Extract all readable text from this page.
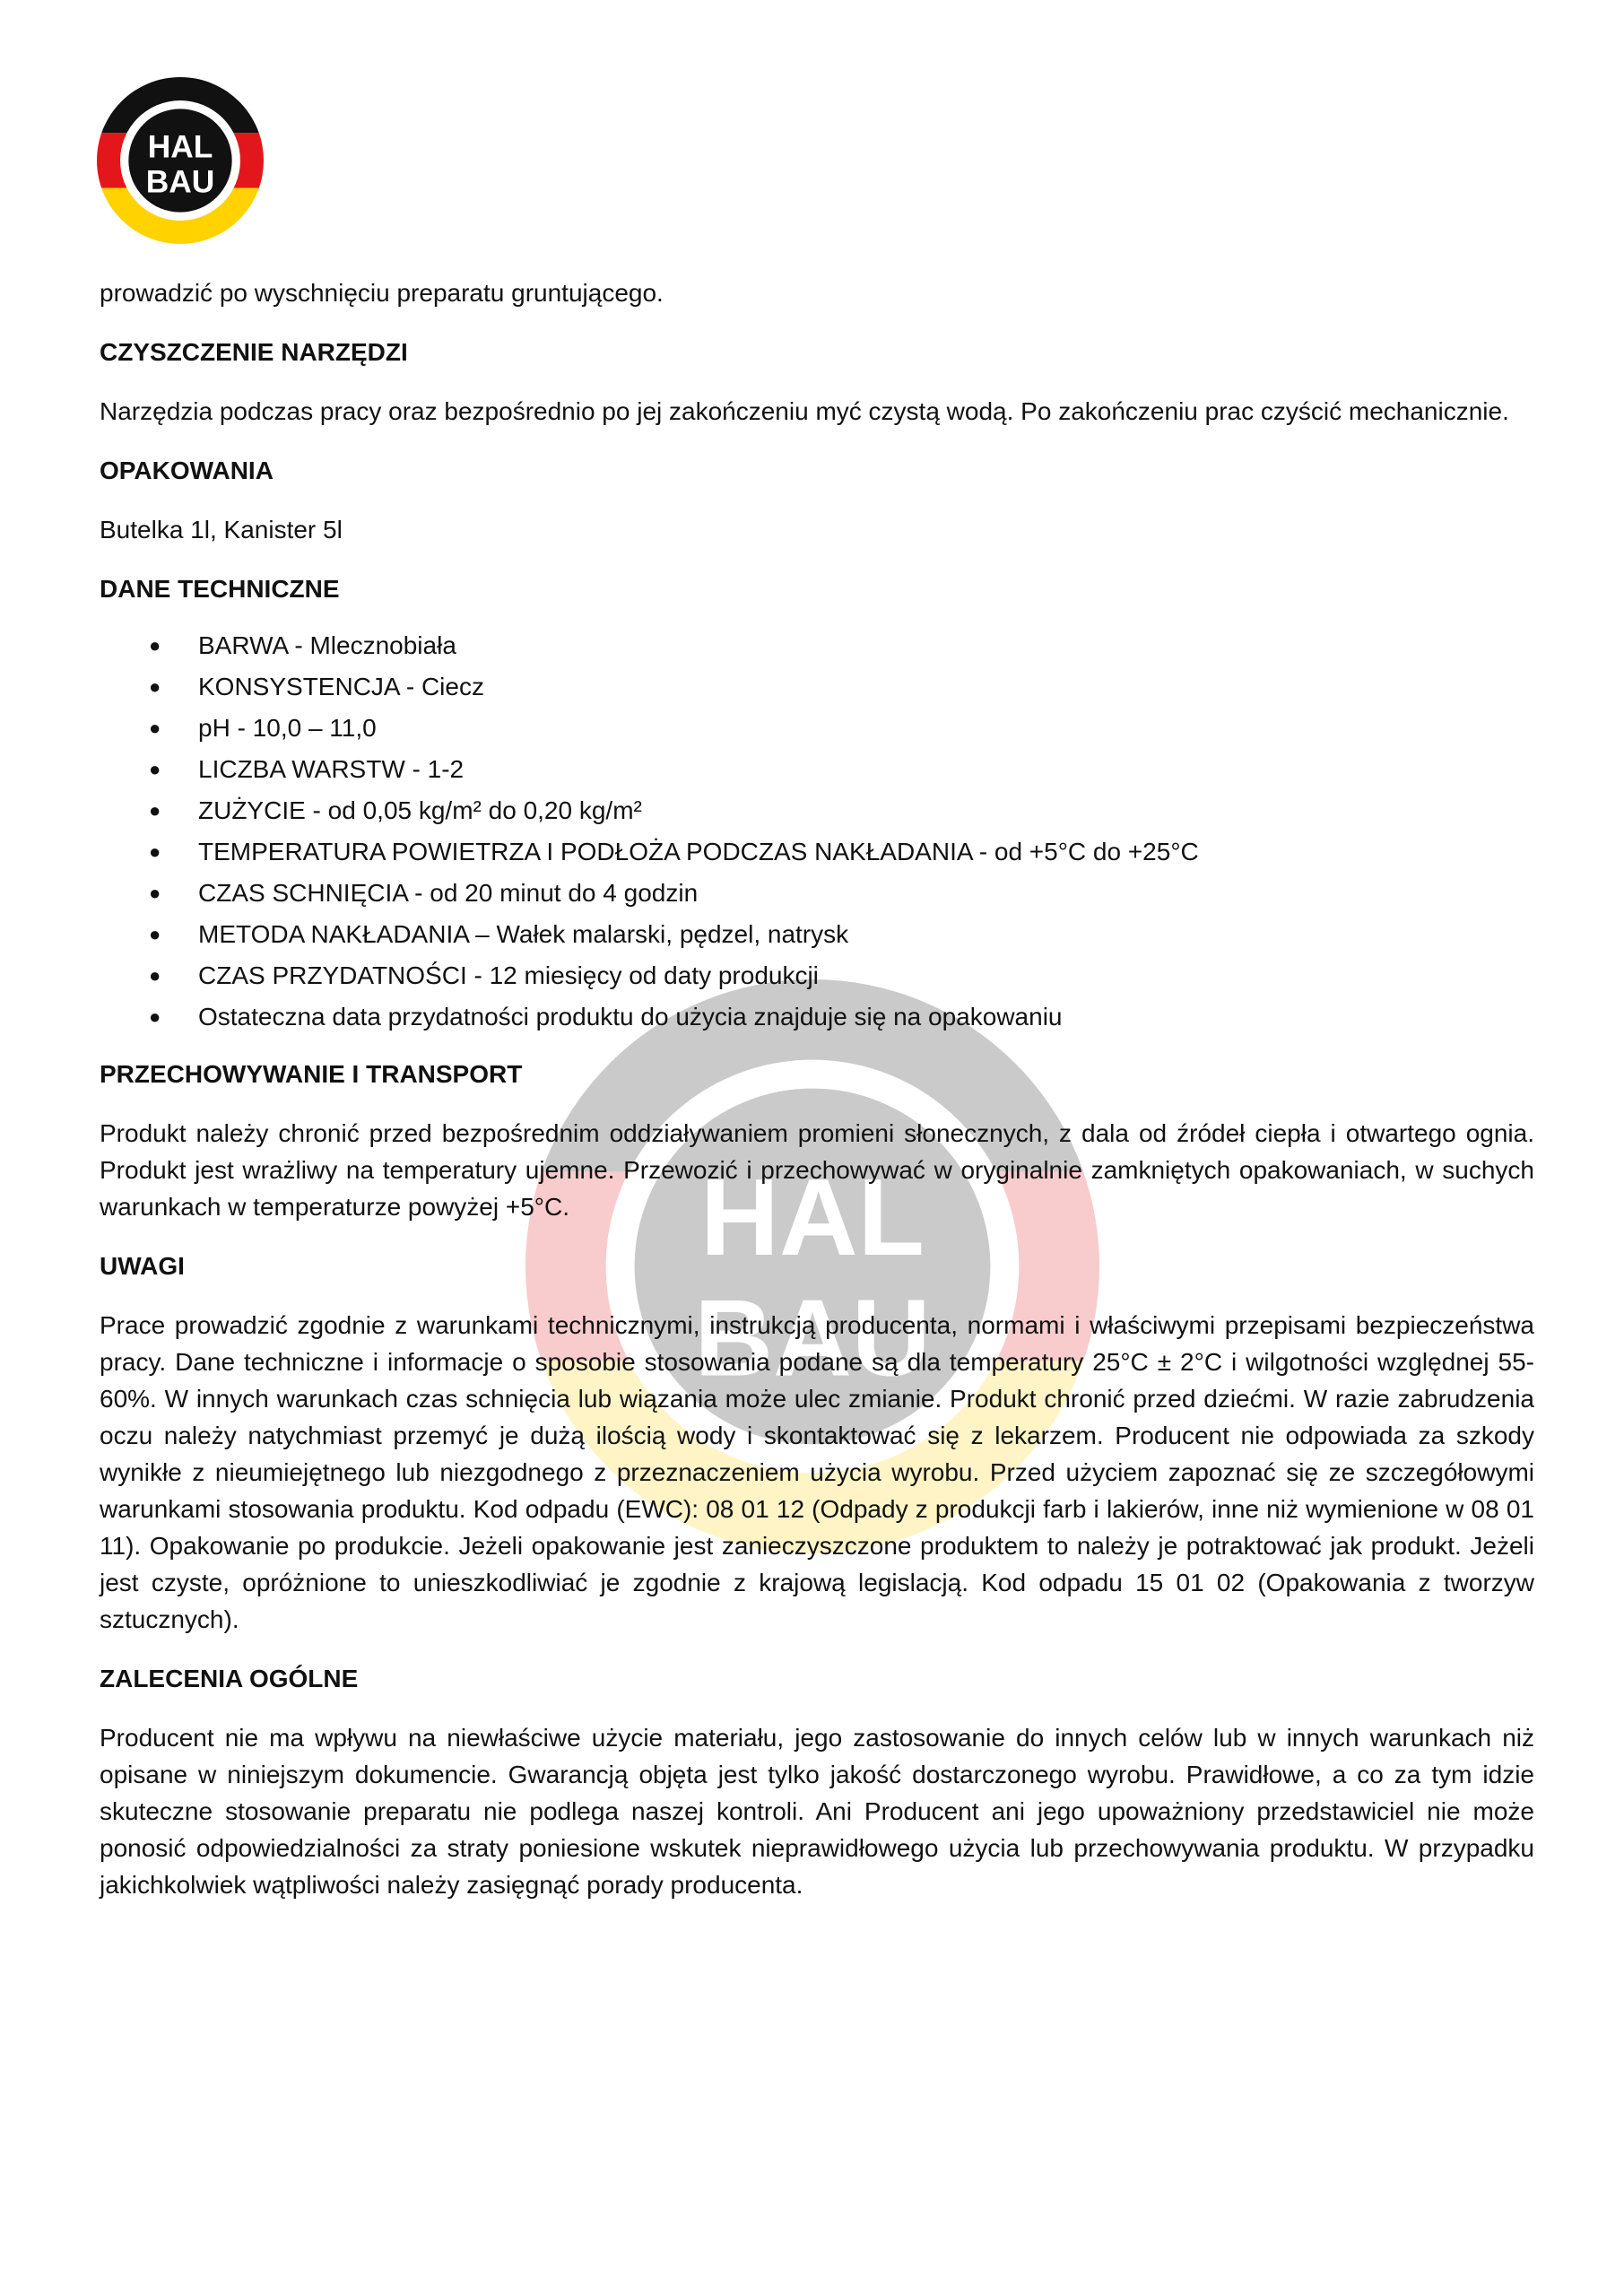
HAL
BAU
HAL
BAU

prowadzić po wyschnięciu preparatu gruntującego.

CZYSZCZENIE NARZĘDZI

Narzędzia podczas pracy oraz bezpośrednio po jej zakończeniu myć czystą wodą. Po zakończeniu prac czyścić mechanicznie.

OPAKOWANIA

Butelka 1l, Kanister 5l

DANE TECHNICZNE
● BARWA - Mlecznobiała
● KONSYSTENCJA - Ciecz
● pH - 10,0 – 11,0
● LICZBA WARSTW - 1-2
● ZUŻYCIE - od 0,05 kg/m² do 0,20 kg/m²
● TEMPERATURA POWIETRZA I PODŁOŻA PODCZAS NAKŁADANIA - od +5°C do +25°C
● CZAS SCHNIĘCIA - od 20 minut do 4 godzin
● METODA NAKŁADANIA – Wałek malarski, pędzel, natrysk
● CZAS PRZYDATNOŚCI - 12 miesięcy od daty produkcji
● Ostateczna data przydatności produktu do użycia znajduje się na opakowaniu
PRZECHOWYWANIE I TRANSPORT

Produkt należy chronić przed bezpośrednim oddziaływaniem promieni słonecznych, z dala od źródeł ciepła i otwartego ognia. Produkt jest wrażliwy na temperatury ujemne. Przewozić i przechowywać w oryginalnie zamkniętych opakowaniach, w suchych warunkach w temperaturze powyżej +5°C.

UWAGI

Prace prowadzić zgodnie z warunkami technicznymi, instrukcją producenta, normami i właściwymi przepisami bezpieczeństwa pracy. Dane techniczne i informacje o sposobie stosowania podane są dla temperatury 25°C ± 2°C i wilgotności względnej 55-60%. W innych warunkach czas schnięcia lub wiązania może ulec zmianie. Produkt chronić przed dziećmi. W razie zabrudzenia oczu należy natychmiast przemyć je dużą ilością wody i skontaktować się z lekarzem. Producent nie odpowiada za szkody wynikłe z nieumiejętnego lub niezgodnego z przeznaczeniem użycia wyrobu. Przed użyciem zapoznać się ze szczegółowymi warunkami stosowania produktu. Kod odpadu (EWC): 08 01 12 (Odpady z produkcji farb i lakierów, inne niż wymienione w 08 01 11). Opakowanie po produkcie. Jeżeli opakowanie jest zanieczyszczone produktem to należy je potraktować jak produkt. Jeżeli jest czyste, opróżnione to unieszkodliwiać je zgodnie z krajową legislacją. Kod odpadu 15 01 02 (Opakowania z tworzyw sztucznych).

ZALECENIA OGÓLNE

Producent nie ma wpływu na niewłaściwe użycie materiału, jego zastosowanie do innych celów lub w innych warunkach niż opisane w niniejszym dokumencie. Gwarancją objęta jest tylko jakość dostarczonego wyrobu. Prawidłowe, a co za tym idzie skuteczne stosowanie preparatu nie podlega naszej kontroli. Ani Producent ani jego upoważniony przedstawiciel nie może ponosić odpowiedzialności za straty poniesione wskutek nieprawidłowego użycia lub przechowywania produktu. W przypadku jakichkolwiek wątpliwości należy zasięgnąć porady producenta.
